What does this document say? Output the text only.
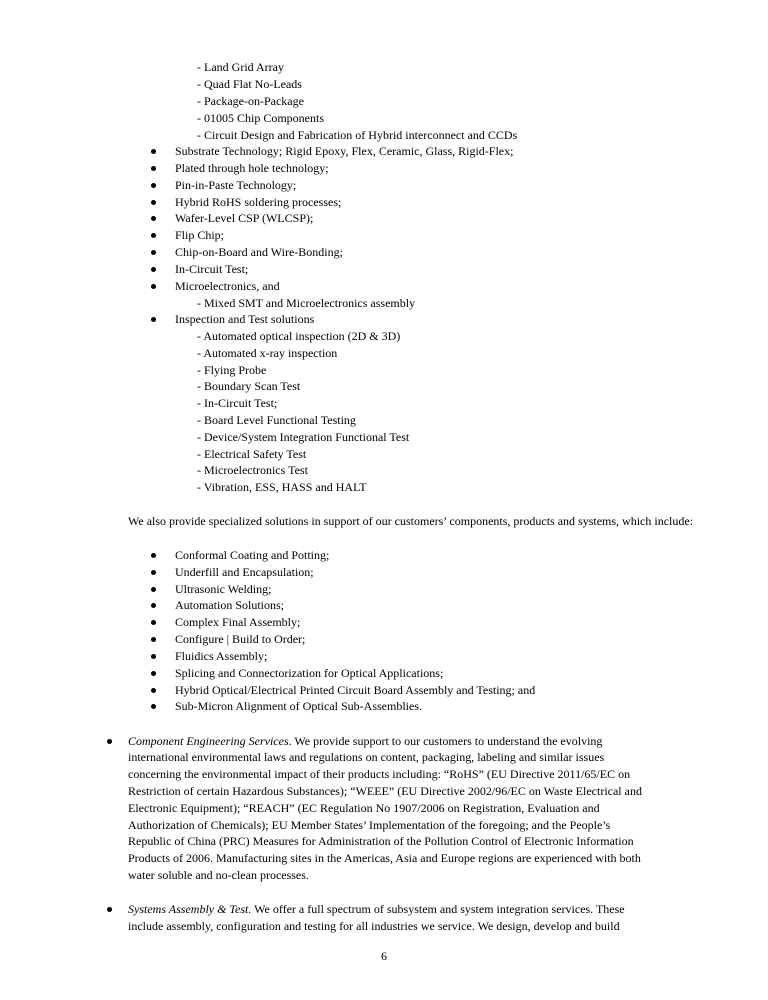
- Land Grid Array
- Quad Flat No-Leads
- Package-on-Package
- 01005 Chip Components
- Circuit Design and Fabrication of Hybrid interconnect and CCDs
Substrate Technology; Rigid Epoxy, Flex, Ceramic, Glass, Rigid-Flex;
Plated through hole technology;
Pin-in-Paste Technology;
Hybrid RoHS soldering processes;
Wafer-Level CSP (WLCSP);
Flip Chip;
Chip-on-Board and Wire-Bonding;
In-Circuit Test;
Microelectronics, and
- Mixed SMT and Microelectronics assembly
Inspection and Test solutions
- Automated optical inspection (2D & 3D)
- Automated x-ray inspection
- Flying Probe
- Boundary Scan Test
- In-Circuit Test;
- Board Level Functional Testing
- Device/System Integration Functional Test
- Electrical Safety Test
- Microelectronics Test
- Vibration, ESS, HASS and HALT
We also provide specialized solutions in support of our customers’ components, products and systems, which include:
Conformal Coating and Potting;
Underfill and Encapsulation;
Ultrasonic Welding;
Automation Solutions;
Complex Final Assembly;
Configure | Build to Order;
Fluidics Assembly;
Splicing and Connectorization for Optical Applications;
Hybrid Optical/Electrical Printed Circuit Board Assembly and Testing; and
Sub-Micron Alignment of Optical Sub-Assemblies.
Component Engineering Services. We provide support to our customers to understand the evolving
international environmental laws and regulations on content, packaging, labeling and similar issues
concerning the environmental impact of their products including: “RoHS” (EU Directive 2011/65/EC on
Restriction of certain Hazardous Substances); “WEEE” (EU Directive 2002/96/EC on Waste Electrical and
Electronic Equipment); “REACH” (EC Regulation No 1907/2006 on Registration, Evaluation and
Authorization of Chemicals); EU Member States’ Implementation of the foregoing; and the People’s
Republic of China (PRC) Measures for Administration of the Pollution Control of Electronic Information
Products of 2006. Manufacturing sites in the Americas, Asia and Europe regions are experienced with both
water soluble and no-clean processes.
Systems Assembly & Test. We offer a full spectrum of subsystem and system integration services. These
include assembly, configuration and testing for all industries we service. We design, develop and build
6
